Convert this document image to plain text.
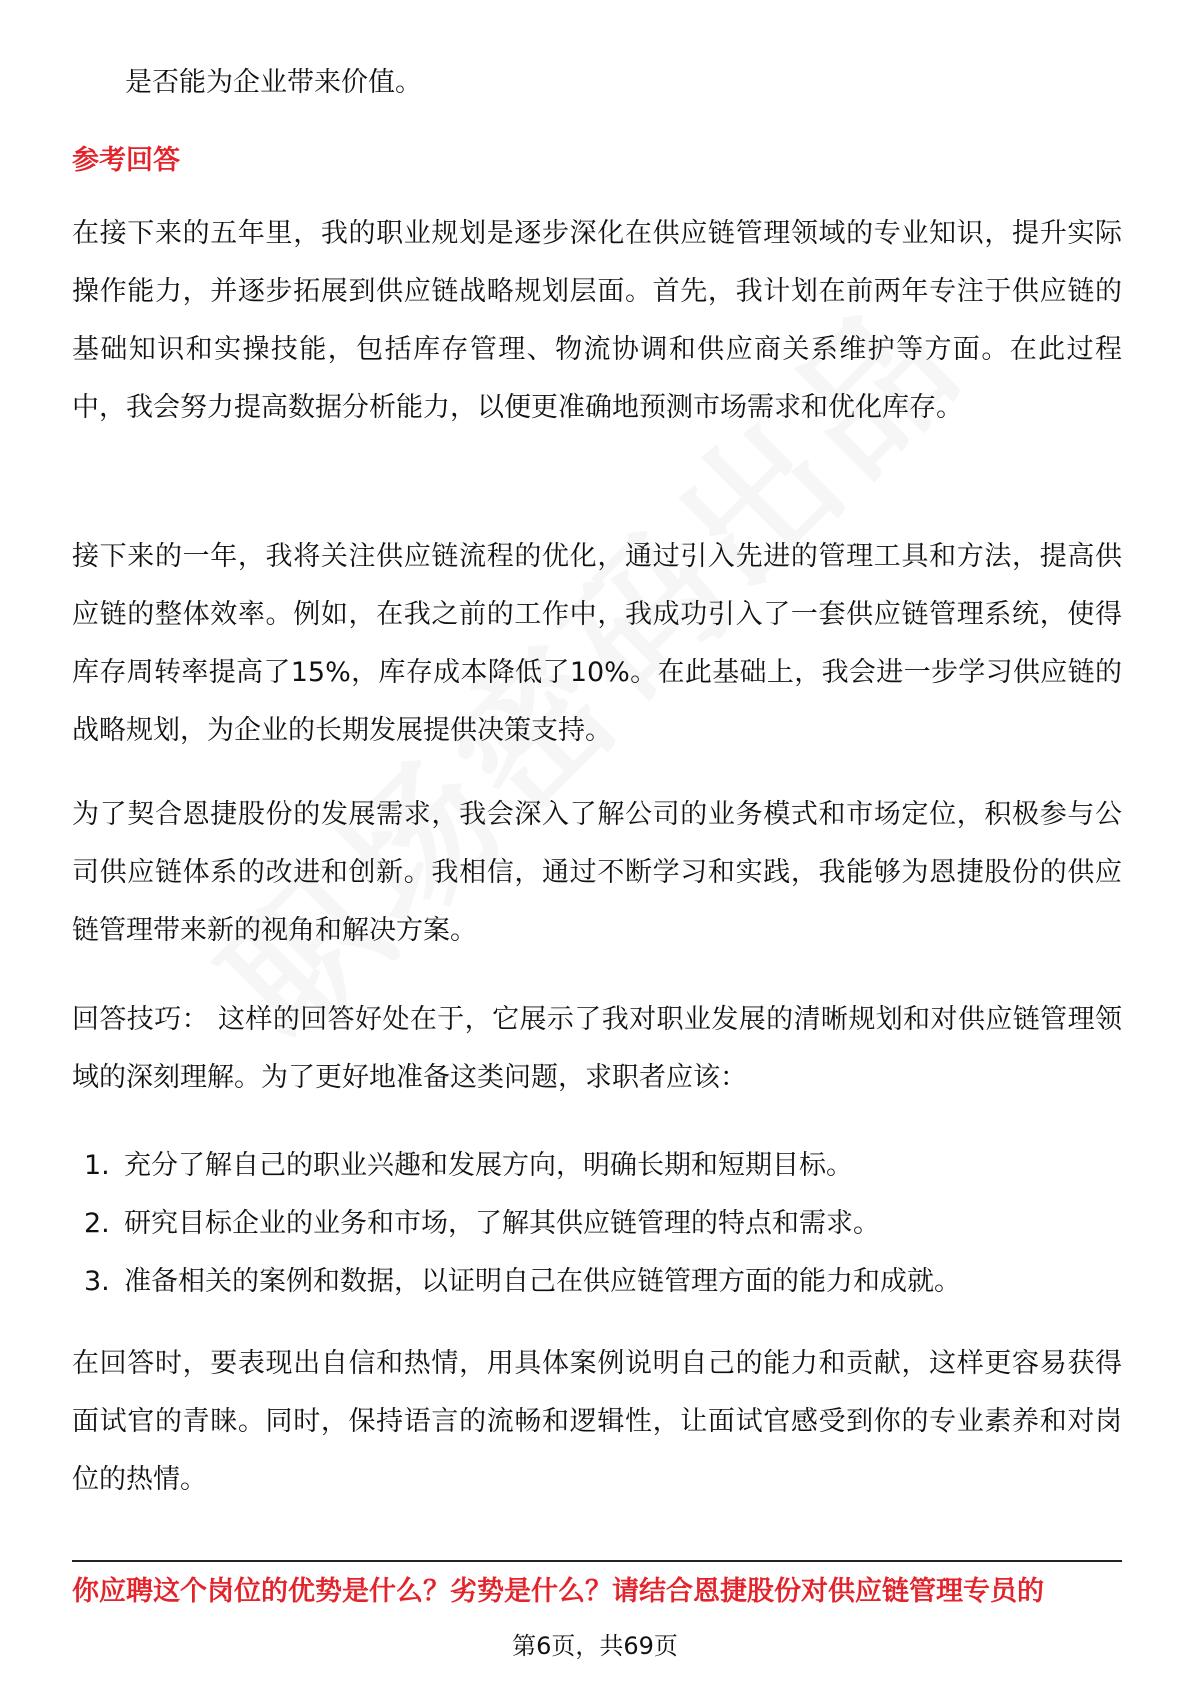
是否能为企业带来价值。
参考回答
在接下来的五年里，我的职业规划是逐步深化在供应链管理领域的专业知识，提升实际操作能力，并逐步拓展到供应链战略规划层面。首先，我计划在前两年专注于供应链的基础知识和实操技能，包括库存管理、物流协调和供应商关系维护等方面。在此过程中，我会努力提高数据分析能力，以便更准确地预测市场需求和优化库存。
接下来的一年，我将关注供应链流程的优化，通过引入先进的管理工具和方法，提高供应链的整体效率。例如，在我之前的工作中，我成功引入了一套供应链管理系统，使得库存周转率提高了15%，库存成本降低了10%。在此基础上，我会进一步学习供应链的战略规划，为企业的长期发展提供决策支持。
为了契合恩捷股份的发展需求，我会深入了解公司的业务模式和市场定位，积极参与公司供应链体系的改进和创新。我相信，通过不断学习和实践，我能够为恩捷股份的供应链管理带来新的视角和解决方案。
回答技巧： 这样的回答好处在于，它展示了我对职业发展的清晰规划和对供应链管理领域的深刻理解。为了更好地准备这类问题，求职者应该：
1. 充分了解自己的职业兴趣和发展方向，明确长期和短期目标。
2. 研究目标企业的业务和市场，了解其供应链管理的特点和需求。
3. 准备相关的案例和数据，以证明自己在供应链管理方面的能力和成就。
在回答时，要表现出自信和热情，用具体案例说明自己的能力和贡献，这样更容易获得面试官的青睐。同时，保持语言的流畅和逻辑性，让面试官感受到你的专业素养和对岗位的热情。
你应聘这个岗位的优势是什么？劣势是什么？请结合恩捷股份对供应链管理专员的
第6页，共69页
